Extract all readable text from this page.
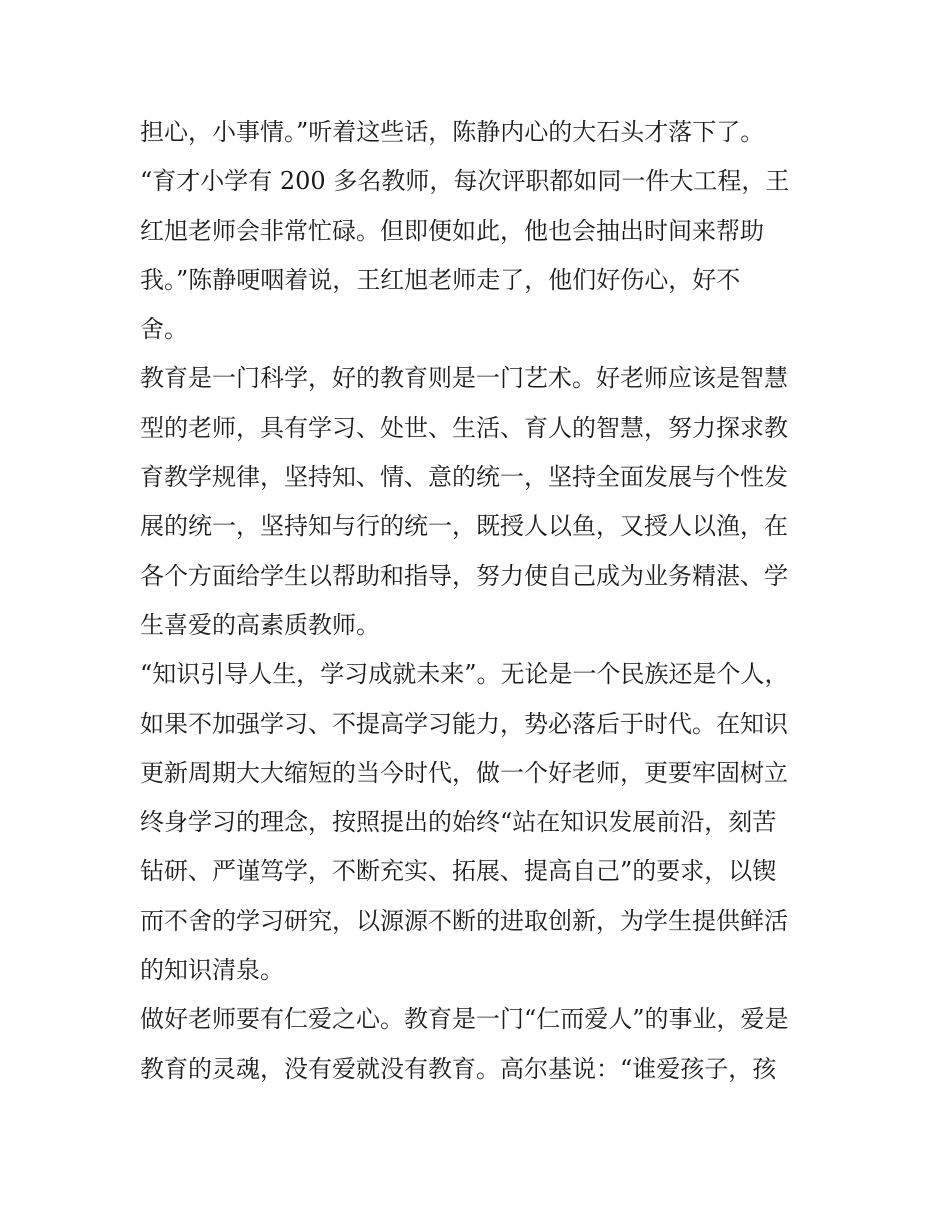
担心，小事情。”听着这些话，陈静内心的大石头才落下了。
“育才小学有 200 多名教师，每次评职都如同一件大工程，王
红旭老师会非常忙碌。但即便如此，他也会抽出时间来帮助
我。”陈静哽咽着说，王红旭老师走了，他们好伤心，好不
舍。
教育是一门科学，好的教育则是一门艺术。好老师应该是智慧
型的老师，具有学习、处世、生活、育人的智慧，努力探求教
育教学规律，坚持知、情、意的统一，坚持全面发展与个性发
展的统一，坚持知与行的统一，既授人以鱼，又授人以渔，在
各个方面给学生以帮助和指导，努力使自己成为业务精湛、学
生喜爱的高素质教师。
“知识引导人生，学习成就未来”。无论是一个民族还是个人，
如果不加强学习、不提高学习能力，势必落后于时代。在知识
更新周期大大缩短的当今时代，做一个好老师，更要牢固树立
终身学习的理念，按照提出的始终“站在知识发展前沿，刻苦
钻研、严谨笃学，不断充实、拓展、提高自己”的要求，以锲
而不舍的学习研究，以源源不断的进取创新，为学生提供鲜活
的知识清泉。
做好老师要有仁爱之心。教育是一门“仁而爱人”的事业，爱是
教育的灵魂，没有爱就没有教育。高尔基说：“谁爱孩子，孩
